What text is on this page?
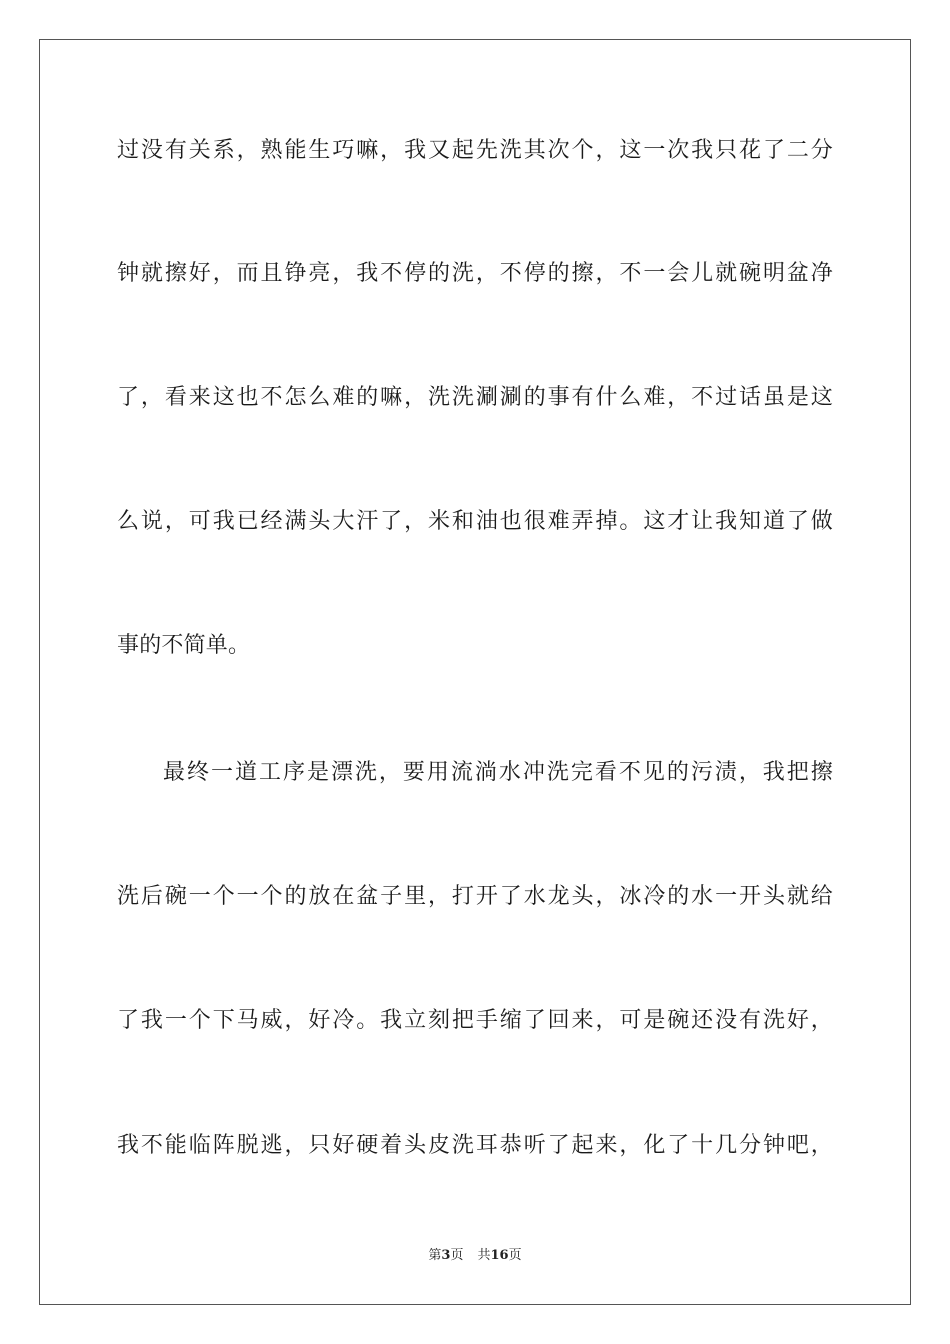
过没有关系，熟能生巧嘛，我又起先洗其次个，这一次我只花了二分
钟就擦好，而且铮亮，我不停的洗，不停的擦，不一会儿就碗明盆净
了，看来这也不怎么难的嘛，洗洗涮涮的事有什么难，不过话虽是这
么说，可我已经满头大汗了，米和油也很难弄掉。这才让我知道了做
事的不简单。
最终一道工序是漂洗，要用流淌水冲洗完看不见的污渍，我把擦
洗后碗一个一个的放在盆子里，打开了水龙头，冰冷的水一开头就给
了我一个下马威，好冷。我立刻把手缩了回来，可是碗还没有洗好，
我不能临阵脱逃，只好硬着头皮洗耳恭听了起来，化了十几分钟吧，
第3页 共16页
